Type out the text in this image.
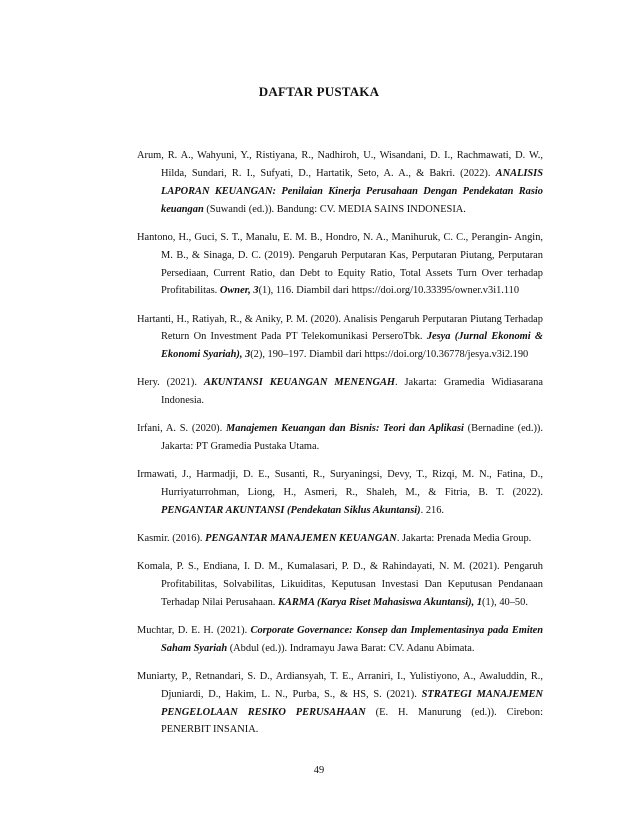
DAFTAR PUSTAKA

Arum, R. A., Wahyuni, Y., Ristiyana, R., Nadhiroh, U., Wisandani, D. I., Rachmawati, D. W., Hilda, Sundari, R. I., Sufyati, D., Hartatik, Seto, A. A., & Bakri. (2022). ANALISIS LAPORAN KEUANGAN: Penilaian Kinerja Perusahaan Dengan Pendekatan Rasio keuangan (Suwandi (ed.)). Bandung: CV. MEDIA SAINS INDONESIA.

Hantono, H., Guci, S. T., Manalu, E. M. B., Hondro, N. A., Manihuruk, C. C., Perangin- Angin, M. B., & Sinaga, D. C. (2019). Pengaruh Perputaran Kas, Perputaran Piutang, Perputaran Persediaan, Current Ratio, dan Debt to Equity Ratio, Total Assets Turn Over terhadap Profitabilitas. Owner, 3(1), 116. Diambil dari https://doi.org/10.33395/owner.v3i1.110

Hartanti, H., Ratiyah, R., & Aniky, P. M. (2020). Analisis Pengaruh Perputaran Piutang Terhadap Return On Investment Pada PT Telekomunikasi PerseroTbk. Jesya (Jurnal Ekonomi & Ekonomi Syariah), 3(2), 190–197. Diambil dari https://doi.org/10.36778/jesya.v3i2.190

Hery. (2021). AKUNTANSI KEUANGAN MENENGAH. Jakarta: Gramedia Widiasarana Indonesia.

Irfani, A. S. (2020). Manajemen Keuangan dan Bisnis: Teori dan Aplikasi (Bernadine (ed.)). Jakarta: PT Gramedia Pustaka Utama.

Irmawati, J., Harmadji, D. E., Susanti, R., Suryaningsi, Devy, T., Rizqi, M. N., Fatina, D., Hurriyaturrohman, Liong, H., Asmeri, R., Shaleh, M., & Fitria, B. T. (2022). PENGANTAR AKUNTANSI (Pendekatan Siklus Akuntansi). 216.

Kasmir. (2016). PENGANTAR MANAJEMEN KEUANGAN. Jakarta: Prenada Media Group.

Komala, P. S., Endiana, I. D. M., Kumalasari, P. D., & Rahindayati, N. M. (2021). Pengaruh Profitabilitas, Solvabilitas, Likuiditas, Keputusan Investasi Dan Keputusan Pendanaan Terhadap Nilai Perusahaan. KARMA (Karya Riset Mahasiswa Akuntansi), 1(1), 40–50.

Muchtar, D. E. H. (2021). Corporate Governance: Konsep dan Implementasinya pada Emiten Saham Syariah (Abdul (ed.)). Indramayu Jawa Barat: CV. Adanu Abimata.

Muniarty, P., Retnandari, S. D., Ardiansyah, T. E., Arraniri, I., Yulistiyono, A., Awaluddin, R., Djuniardi, D., Hakim, L. N., Purba, S., & HS, S. (2021). STRATEGI MANAJEMEN PENGELOLAAN RESIKO PERUSAHAAN (E. H. Manurung (ed.)). Cirebon: PENERBIT INSANIA.

49
